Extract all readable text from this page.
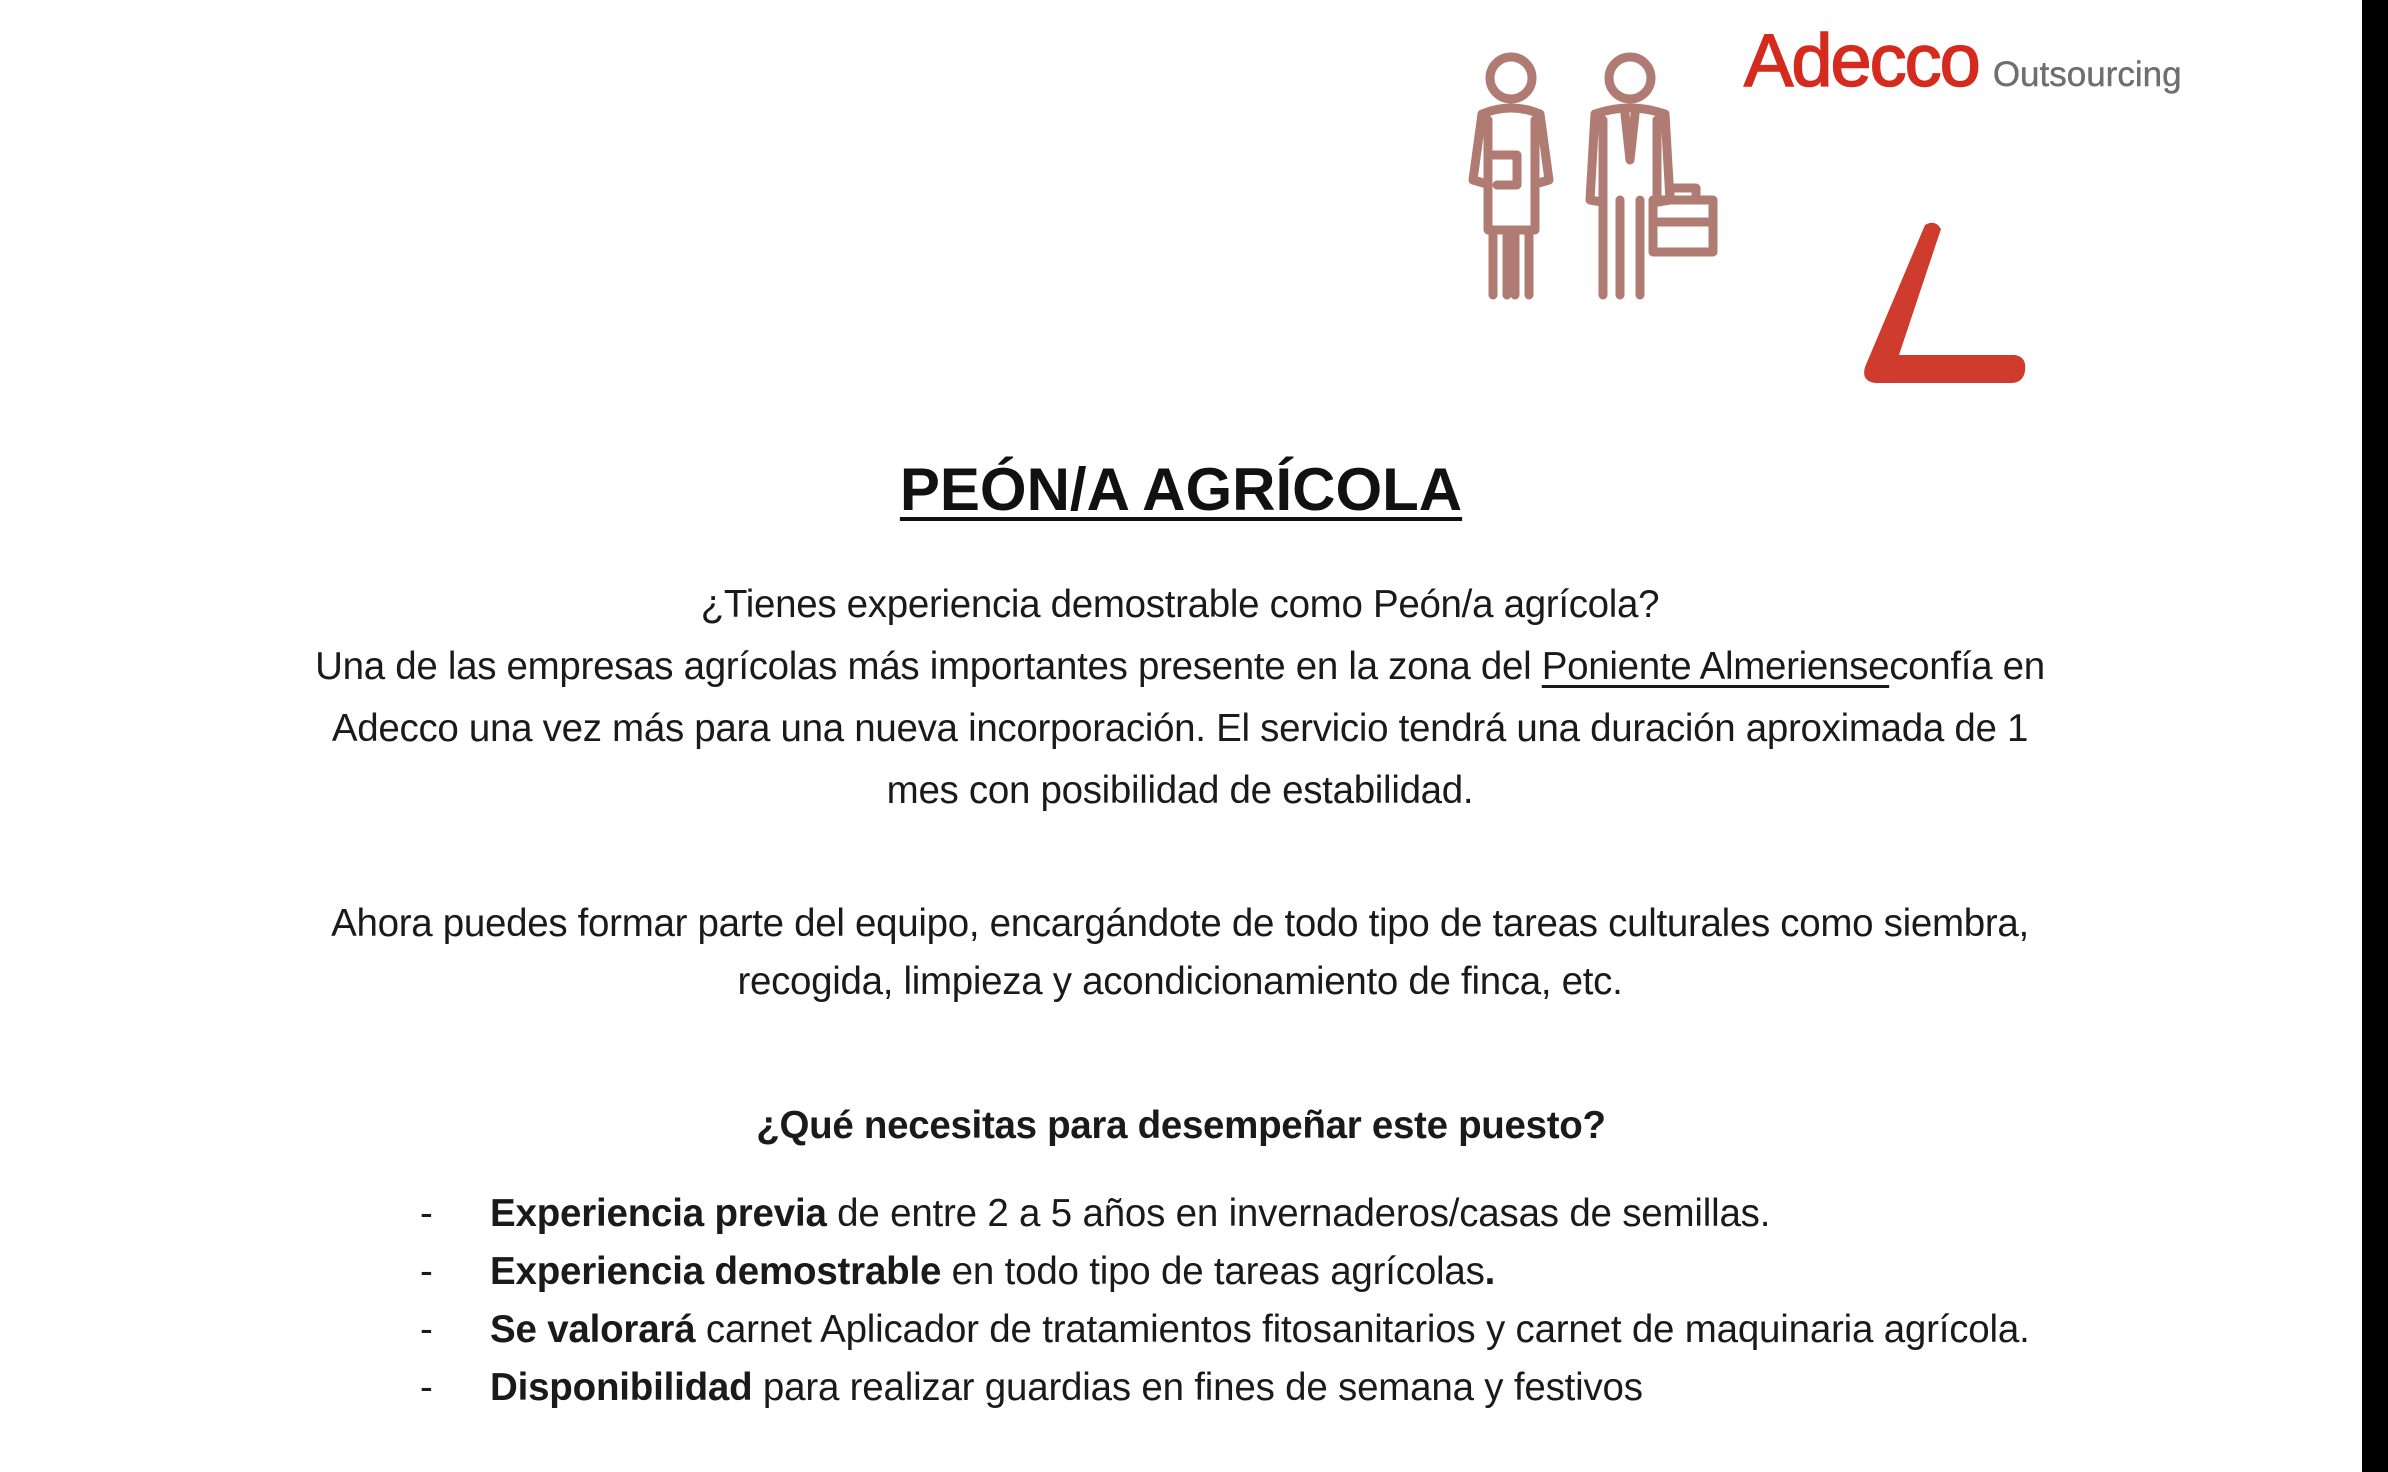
Adecco Outsourcing
PEÓN/A AGRÍCOLA
¿Tienes experiencia demostrable como Peón/a agrícola?
Una de las empresas agrícolas más importantes presente en la zona del Poniente Almerienseconfía en Adecco una vez más para una nueva incorporación. El servicio tendrá una duración aproximada de 1 mes con posibilidad de estabilidad.
Ahora puedes formar parte del equipo, encargándote de todo tipo de tareas culturales como siembra, recogida, limpieza y acondicionamiento de finca, etc.
¿Qué necesitas para desempeñar este puesto?
- Experiencia previa de entre 2 a 5 años en invernaderos/casas de semillas.
- Experiencia demostrable en todo tipo de tareas agrícolas.
- Se valorará carnet Aplicador de tratamientos fitosanitarios y carnet de maquinaria agrícola.
- Disponibilidad para realizar guardias en fines de semana y festivos
